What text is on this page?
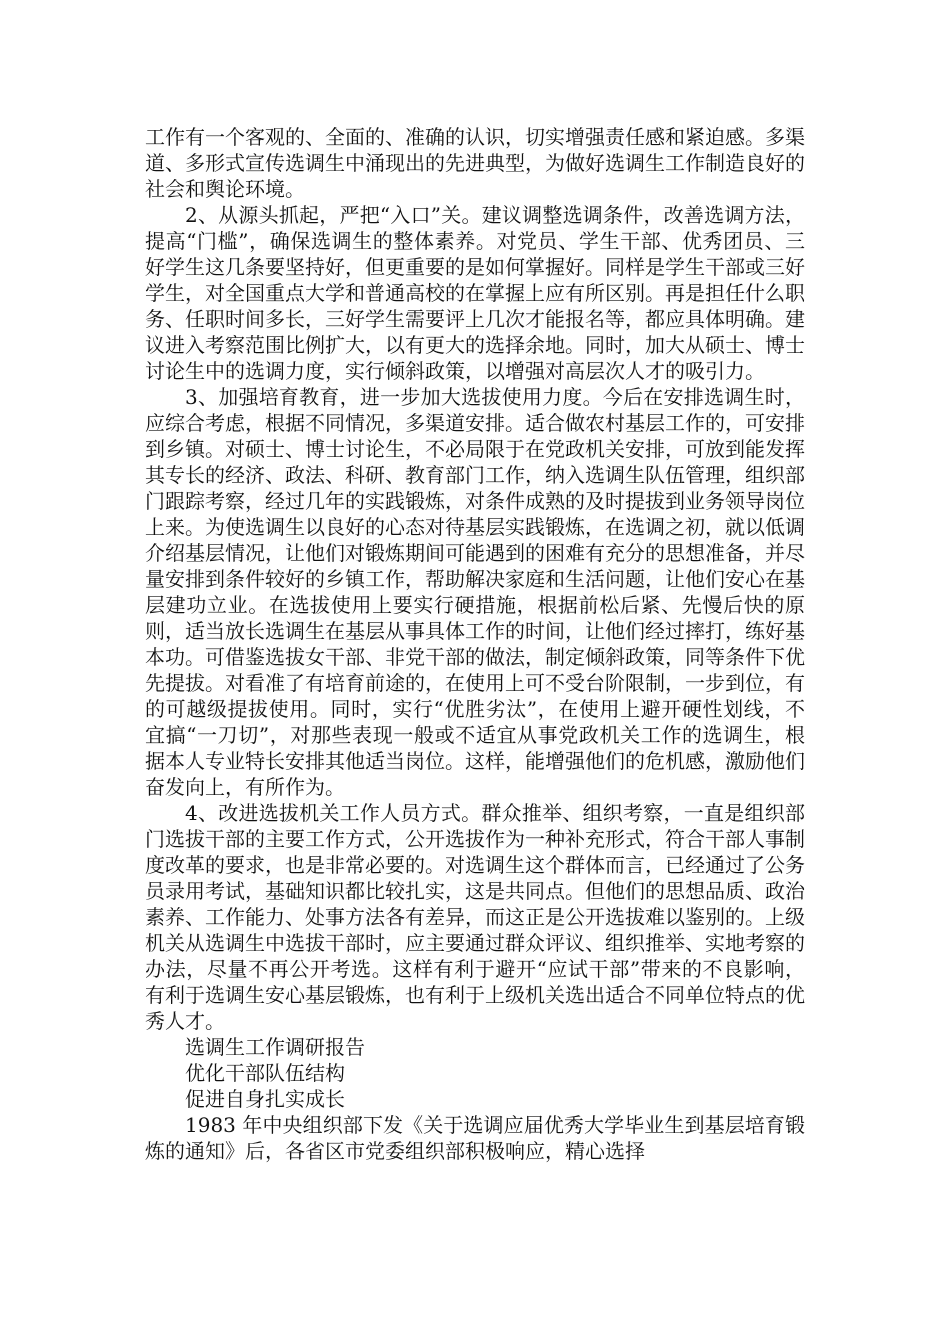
工作有一个客观的、全面的、准确的认识，切实增强责任感和紧迫感。多渠道、多形式宣传选调生中涌现出的先进典型，为做好选调生工作制造良好的社会和舆论环境。

2、从源头抓起，严把“入口”关。建议调整选调条件，改善选调方法，提高“门槛”，确保选调生的整体素养。对党员、学生干部、优秀团员、三好学生这几条要坚持好，但更重要的是如何掌握好。同样是学生干部或三好学生，对全国重点大学和普通高校的在掌握上应有所区别。再是担任什么职务、任职时间多长，三好学生需要评上几次才能报名等，都应具体明确。建议进入考察范围比例扩大，以有更大的选择余地。同时，加大从硕士、博士讨论生中的选调力度，实行倾斜政策，以增强对高层次人才的吸引力。

3、加强培育教育，进一步加大选拔使用力度。今后在安排选调生时，应综合考虑，根据不同情况，多渠道安排。适合做农村基层工作的，可安排到乡镇。对硕士、博士讨论生，不必局限于在党政机关安排，可放到能发挥其专长的经济、政法、科研、教育部门工作，纳入选调生队伍管理，组织部门跟踪考察，经过几年的实践锻炼，对条件成熟的及时提拔到业务领导岗位上来。为使选调生以良好的心态对待基层实践锻炼，在选调之初，就以低调介绍基层情况，让他们对锻炼期间可能遇到的困难有充分的思想准备，并尽量安排到条件较好的乡镇工作，帮助解决家庭和生活问题，让他们安心在基层建功立业。在选拔使用上要实行硬措施，根据前松后紧、先慢后快的原则，适当放长选调生在基层从事具体工作的时间，让他们经过摔打，练好基本功。可借鉴选拔女干部、非党干部的做法，制定倾斜政策，同等条件下优先提拔。对看准了有培育前途的，在使用上可不受台阶限制，一步到位，有的可越级提拔使用。同时，实行“优胜劣汰”，在使用上避开硬性划线，不宜搞“一刀切”，对那些表现一般或不适宜从事党政机关工作的选调生，根据本人专业特长安排其他适当岗位。这样，能增强他们的危机感，激励他们奋发向上，有所作为。

4、改进选拔机关工作人员方式。群众推举、组织考察，一直是组织部门选拔干部的主要工作方式，公开选拔作为一种补充形式，符合干部人事制度改革的要求，也是非常必要的。对选调生这个群体而言，已经通过了公务员录用考试，基础知识都比较扎实，这是共同点。但他们的思想品质、政治素养、工作能力、处事方法各有差异，而这正是公开选拔难以鉴别的。上级机关从选调生中选拔干部时，应主要通过群众评议、组织推举、实地考察的办法，尽量不再公开考选。这样有利于避开“应试干部”带来的不良影响，有利于选调生安心基层锻炼，也有利于上级机关选出适合不同单位特点的优秀人才。

选调生工作调研报告

优化干部队伍结构

促进自身扎实成长

1983 年中央组织部下发《关于选调应届优秀大学毕业生到基层培育锻炼的通知》后，各省区市党委组织部积极响应，精心选择
